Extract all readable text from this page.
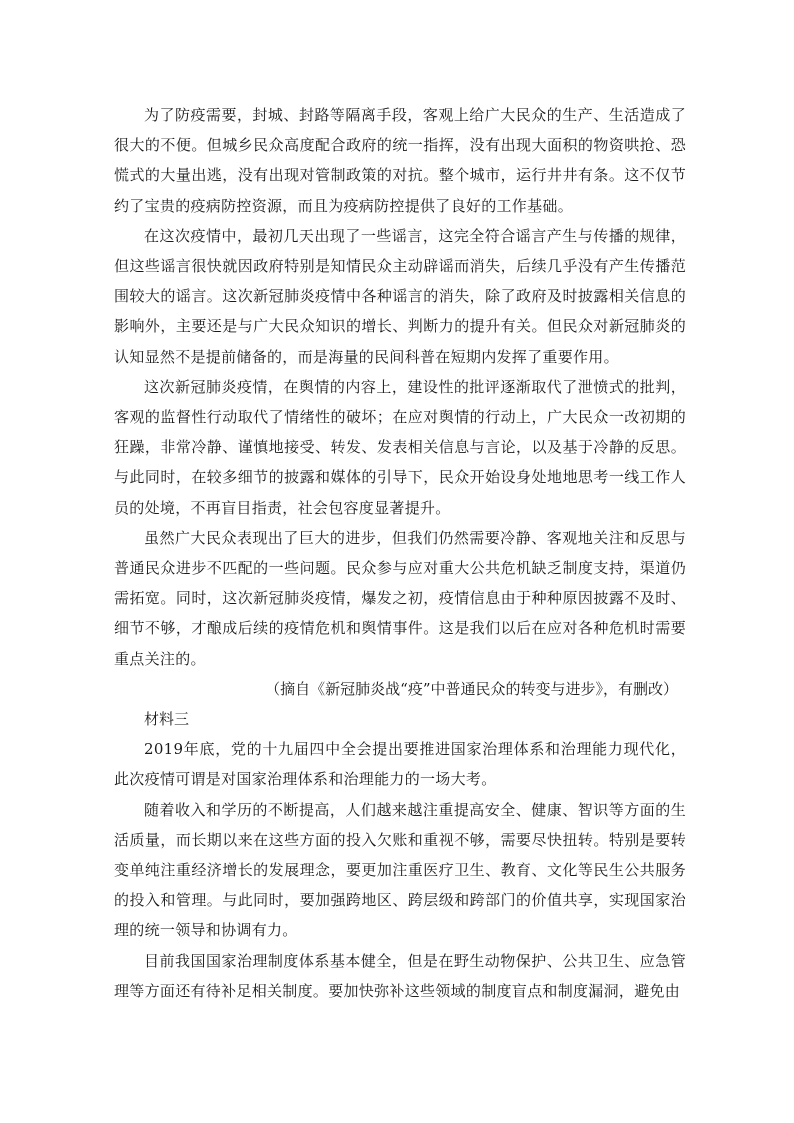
为了防疫需要，封城、封路等隔离手段，客观上给广大民众的生产、生活造成了很大的不便。但城乡民众高度配合政府的统一指挥，没有出现大面积的物资哄抢、恐慌式的大量出逃，没有出现对管制政策的对抗。整个城市，运行井井有条。这不仅节约了宝贵的疫病防控资源，而且为疫病防控提供了良好的工作基础。

在这次疫情中，最初几天出现了一些谣言，这完全符合谣言产生与传播的规律，但这些谣言很快就因政府特别是知情民众主动辟谣而消失，后续几乎没有产生传播范围较大的谣言。这次新冠肺炎疫情中各种谣言的消失，除了政府及时披露相关信息的影响外，主要还是与广大民众知识的增长、判断力的提升有关。但民众对新冠肺炎的认知显然不是提前储备的，而是海量的民间科普在短期内发挥了重要作用。

这次新冠肺炎疫情，在舆情的内容上，建设性的批评逐渐取代了泄愤式的批判，客观的监督性行动取代了情绪性的破坏；在应对舆情的行动上，广大民众一改初期的狂躁，非常冷静、谨慎地接受、转发、发表相关信息与言论，以及基于冷静的反思。与此同时，在较多细节的披露和媒体的引导下，民众开始设身处地地思考一线工作人员的处境，不再盲目指责，社会包容度显著提升。

虽然广大民众表现出了巨大的进步，但我们仍然需要冷静、客观地关注和反思与普通民众进步不匹配的一些问题。民众参与应对重大公共危机缺乏制度支持，渠道仍需拓宽。同时，这次新冠肺炎疫情，爆发之初，疫情信息由于种种原因披露不及时、细节不够，才酿成后续的疫情危机和舆情事件。这是我们以后在应对各种危机时需要重点关注的。

（摘自《新冠肺炎战“疫”中普通民众的转变与进步》，有删改）

材料三

2019年底，党的十九届四中全会提出要推进国家治理体系和治理能力现代化，此次疫情可谓是对国家治理体系和治理能力的一场大考。

随着收入和学历的不断提高，人们越来越注重提高安全、健康、智识等方面的生活质量，而长期以来在这些方面的投入欠账和重视不够，需要尽快扭转。特别是要转变单纯注重经济增长的发展理念，要更加注重医疗卫生、教育、文化等民生公共服务的投入和管理。与此同时，要加强跨地区、跨层级和跨部门的价值共享，实现国家治理的统一领导和协调有力。

目前我国国家治理制度体系基本健全，但是在野生动物保护、公共卫生、应急管理等方面还有待补足相关制度。要加快弥补这些领域的制度盲点和制度漏洞，避免由
